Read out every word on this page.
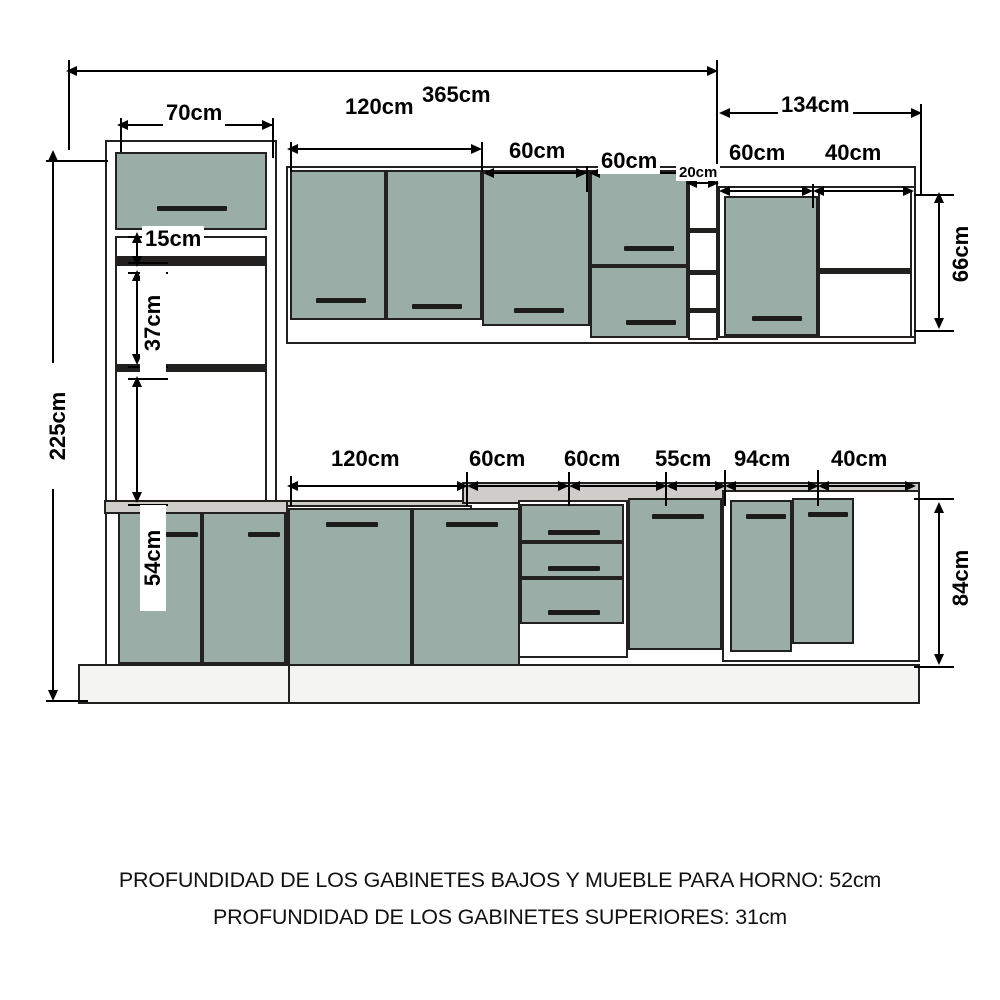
365cm	134cm
70cm	120cm
60cm 60cm 20cm
60cm 40cm
225cm
15cm
37cm
54cm
66cm
84cm
120cm	60cm 60cm 55cm 94cm 40cm
PROFUNDIDAD DE LOS GABINETES BAJOS Y MUEBLE PARA HORNO: 52cm
PROFUNDIDAD DE LOS GABINETES SUPERIORES: 31cm
